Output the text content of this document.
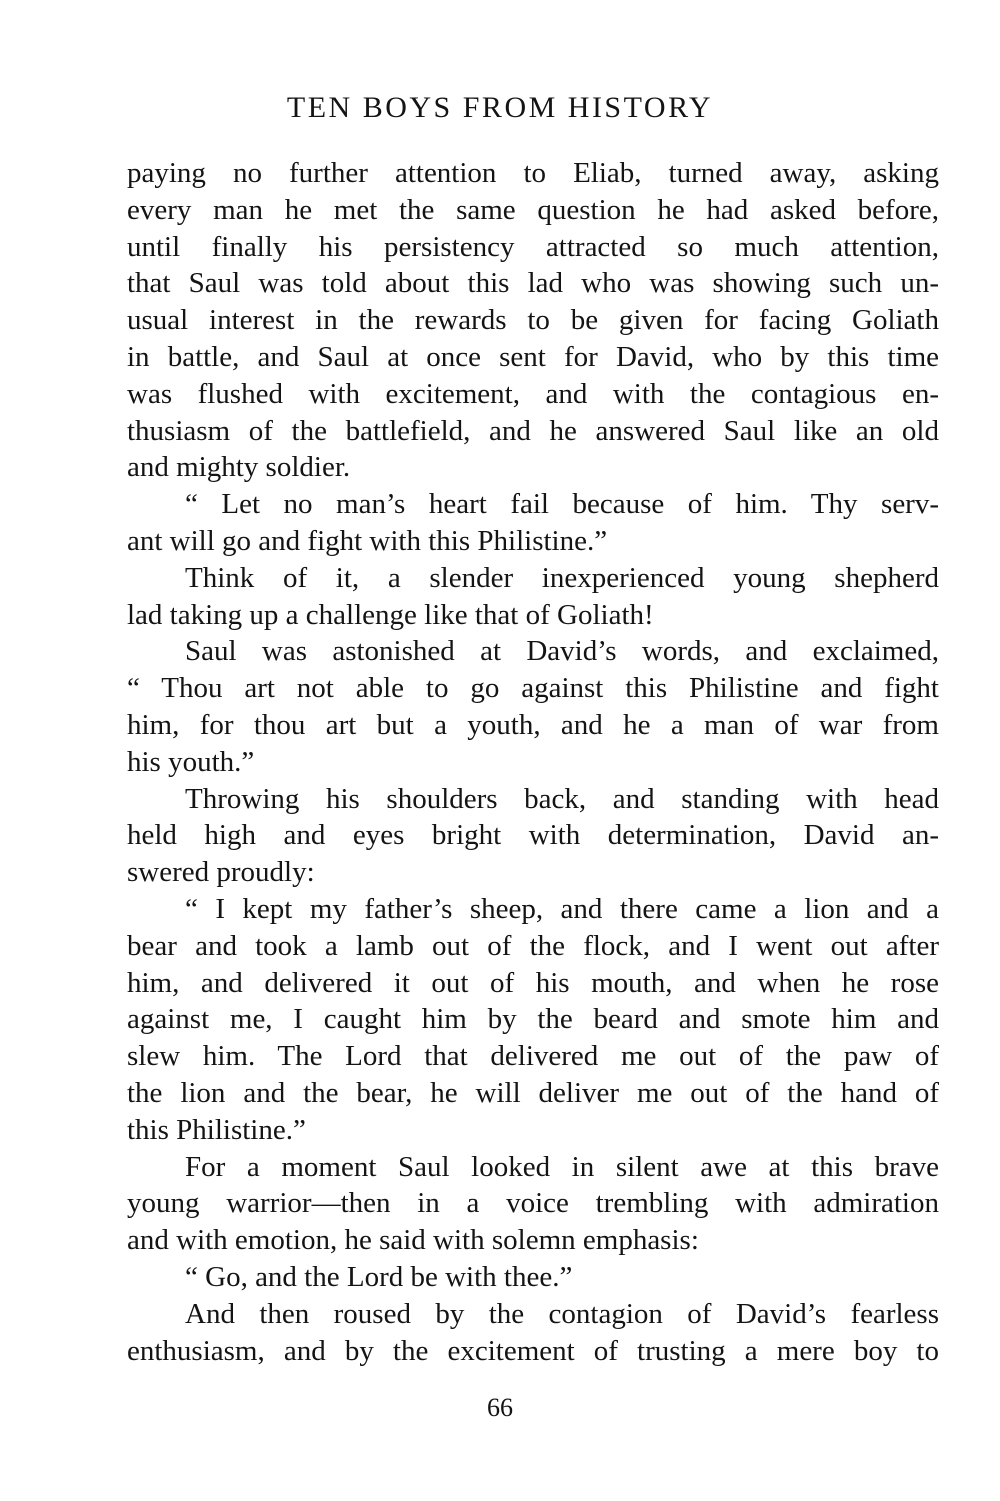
TEN BOYS FROM HISTORY

paying no further attention to Eliab, turned away, asking

every man he met the same question he had asked before,

until finally his persistency attracted so much attention,

that Saul was told about this lad who was showing such un-

usual interest in the rewards to be given for facing Goliath

in battle, and Saul at once sent for David, who by this time

was flushed with excitement, and with the contagious en-

thusiasm of the battlefield, and he answered Saul like an old

and mighty soldier.

“ Let no man’s heart fail because of him. Thy serv-

ant will go and fight with this Philistine.”

Think of it, a slender inexperienced young shepherd

lad taking up a challenge like that of Goliath!

Saul was astonished at David’s words, and exclaimed,

“ Thou art not able to go against this Philistine and fight

him, for thou art but a youth, and he a man of war from

his youth.”

Throwing his shoulders back, and standing with head

held high and eyes bright with determination, David an-

swered proudly:

“ I kept my father’s sheep, and there came a lion and a

bear and took a lamb out of the flock, and I went out after

him, and delivered it out of his mouth, and when he rose

against me, I caught him by the beard and smote him and

slew him. The Lord that delivered me out of the paw of

the lion and the bear, he will deliver me out of the hand of

this Philistine.”

For a moment Saul looked in silent awe at this brave

young warrior—then in a voice trembling with admiration

and with emotion, he said with solemn emphasis:

“ Go, and the Lord be with thee.”

And then roused by the contagion of David’s fearless

enthusiasm, and by the excitement of trusting a mere boy to

66
